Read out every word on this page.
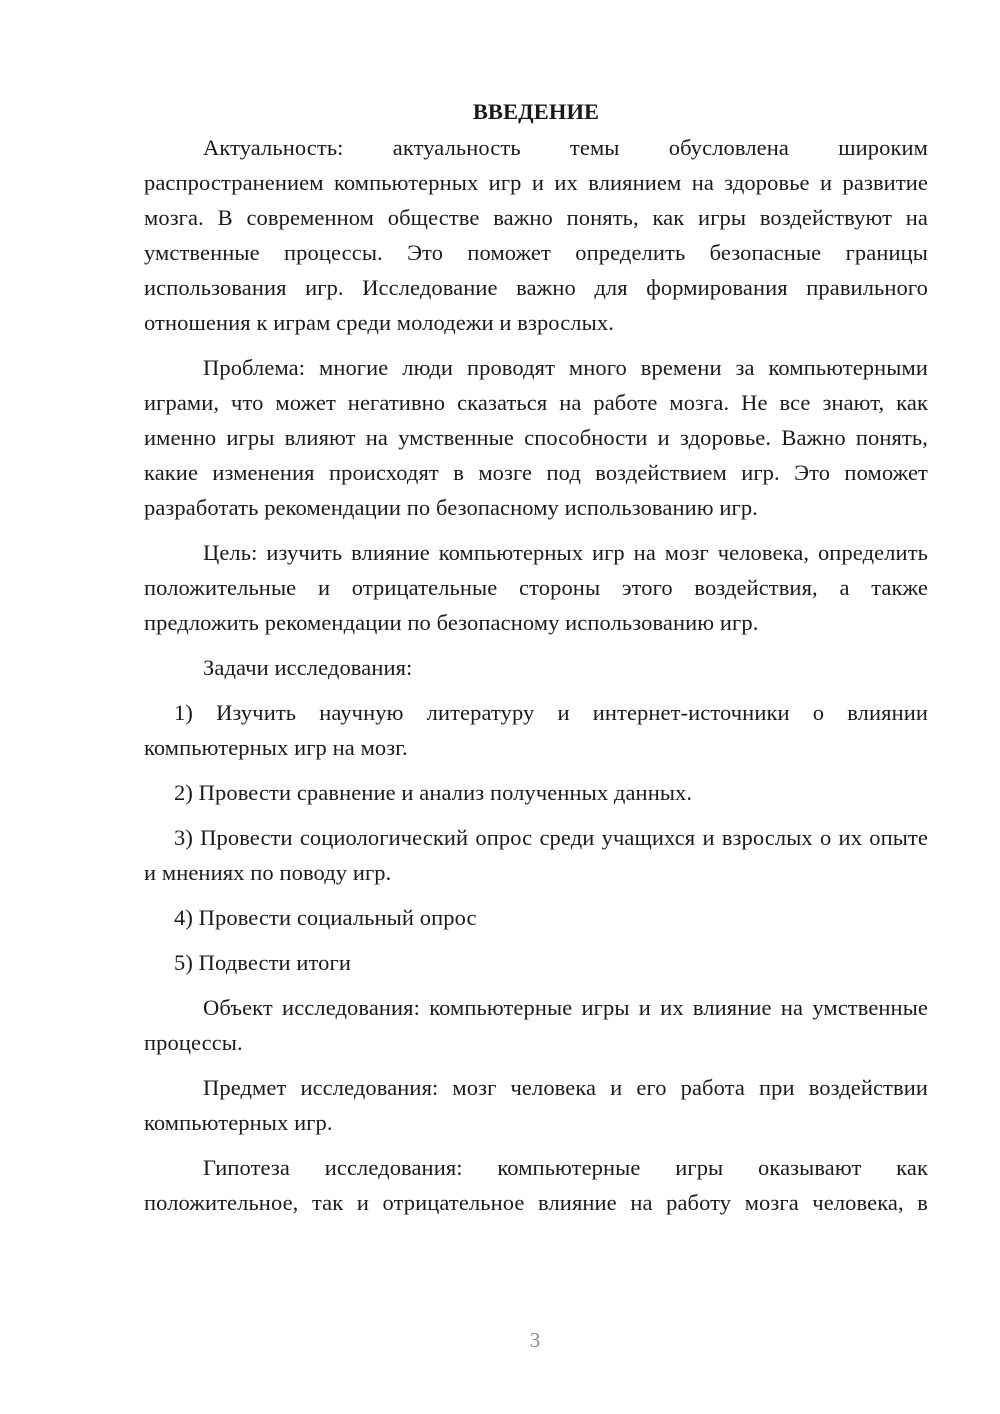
ВВЕДЕНИЕ

Актуальность: актуальность темы обусловлена широким распространением компьютерных игр и их влиянием на здоровье и развитие мозга. В современном обществе важно понять, как игры воздействуют на умственные процессы. Это поможет определить безопасные границы использования игр. Исследование важно для формирования правильного отношения к играм среди молодежи и взрослых.

Проблема: многие люди проводят много времени за компьютерными играми, что может негативно сказаться на работе мозга. Не все знают, как именно игры влияют на умственные способности и здоровье. Важно понять, какие изменения происходят в мозге под воздействием игр. Это поможет разработать рекомендации по безопасному использованию игр.

Цель: изучить влияние компьютерных игр на мозг человека, определить положительные и отрицательные стороны этого воздействия, а также предложить рекомендации по безопасному использованию игр.

Задачи исследования:

1) Изучить научную литературу и интернет-источники о влиянии компьютерных игр на мозг.

2) Провести сравнение и анализ полученных данных.

3) Провести социологический опрос среди учащихся и взрослых о их опыте и мнениях по поводу игр.

4) Провести социальный опрос

5) Подвести итоги

Объект исследования: компьютерные игры и их влияние на умственные процессы.

Предмет исследования: мозг человека и его работа при воздействии компьютерных игр.

Гипотеза исследования: компьютерные игры оказывают как положительное, так и отрицательное влияние на работу мозга человека, в

3
